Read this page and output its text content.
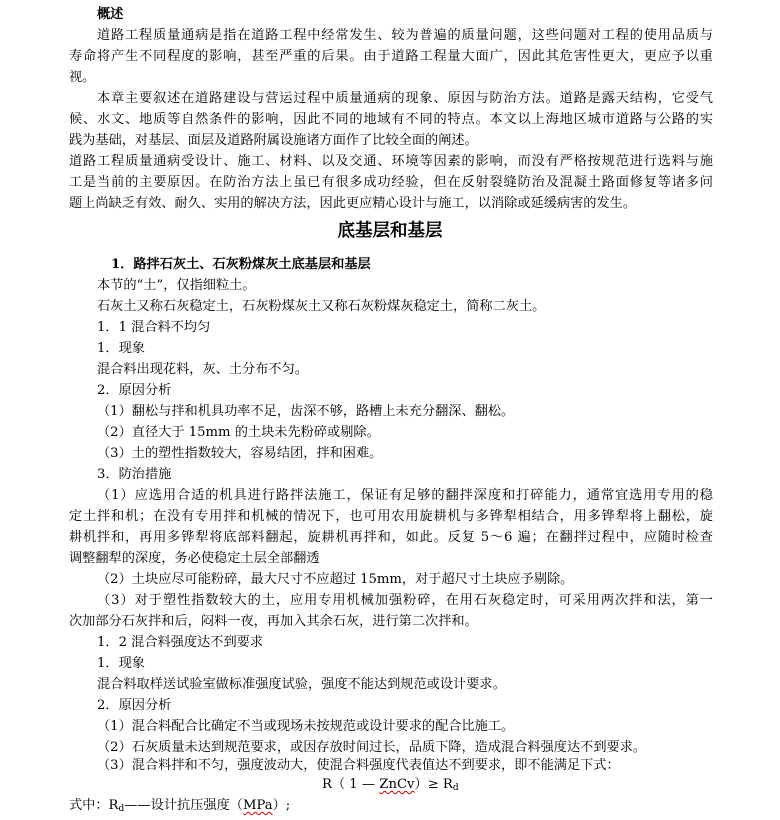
概述
道路工程质量通病是指在道路工程中经常发生、较为普遍的质量问题，这些问题对工程的使用品质与
寿命将产生不同程度的影响，甚至严重的后果。由于道路工程量大面广，因此其危害性更大，更应予以重
视。
本章主要叙述在道路建设与营运过程中质量通病的现象、原因与防治方法。道路是露天结构，它受气
候、水文、地质等自然条件的影响，因此不同的地域有不同的特点。本文以上海地区城市道路与公路的实
践为基础，对基层、面层及道路附属设施诸方面作了比较全面的阐述。
道路工程质量通病受设计、施工、材料、以及交通、环境等因素的影响，而没有严格按规范进行选料与施
工是当前的主要原因。在防治方法上虽已有很多成功经验，但在反射裂缝防治及混凝土路面修复等诸多问
题上尚缺乏有效、耐久、实用的解决方法，因此更应精心设计与施工，以消除或延缓病害的发生。
底基层和基层
1．路拌石灰土、石灰粉煤灰土底基层和基层
本节的“土”，仅指细粒土。
石灰土又称石灰稳定土，石灰粉煤灰土又称石灰粉煤灰稳定土，简称二灰土。
1．1 混合料不均匀
1．现象
混合料出现花料，灰、土分布不匀。
2．原因分析
（1）翻松与拌和机具功率不足，齿深不够，路槽上未充分翻深、翻松。
（2）直径大于 15mm 的土块未先粉碎或剔除。
（3）土的塑性指数较大，容易结团，拌和困难。
3．防治措施
（1）应选用合适的机具进行路拌法施工，保证有足够的翻拌深度和打碎能力，通常宜选用专用的稳
定土拌和机；在没有专用拌和机械的情况下，也可用农用旋耕机与多铧犁相结合，用多铧犁将上翻松，旋
耕机拌和，再用多铧犁将底部料翻起，旋耕机再拌和，如此。反复 5～6 遍；在翻拌过程中，应随时检查
调整翻犁的深度，务必使稳定土层全部翻透
（2）土块应尽可能粉碎，最大尺寸不应超过 15mm，对于超尺寸土块应予剔除。
（3）对于塑性指数较大的土，应用专用机械加强粉碎，在用石灰稳定时，可采用两次拌和法，第一
次加部分石灰拌和后，闷料一夜，再加入其余石灰，进行第二次拌和。
1．2 混合料强度达不到要求
1．现象
混合料取样送试验室做标准强度试验，强度不能达到规范或设计要求。
2．原因分析
（1）混合料配合比确定不当或现场未按规范或设计要求的配合比施工。
（2）石灰质量未达到规范要求，或因存放时间过长，品质下降，造成混合料强度达不到要求。
（3）混合料拌和不匀，强度波动大，使混合料强度代表值达不到要求，即不能满足下式：
R（ 1 — ZnCv）≥ $R_d$
式中：$R_d——$设计抗压强度（MPa）;
